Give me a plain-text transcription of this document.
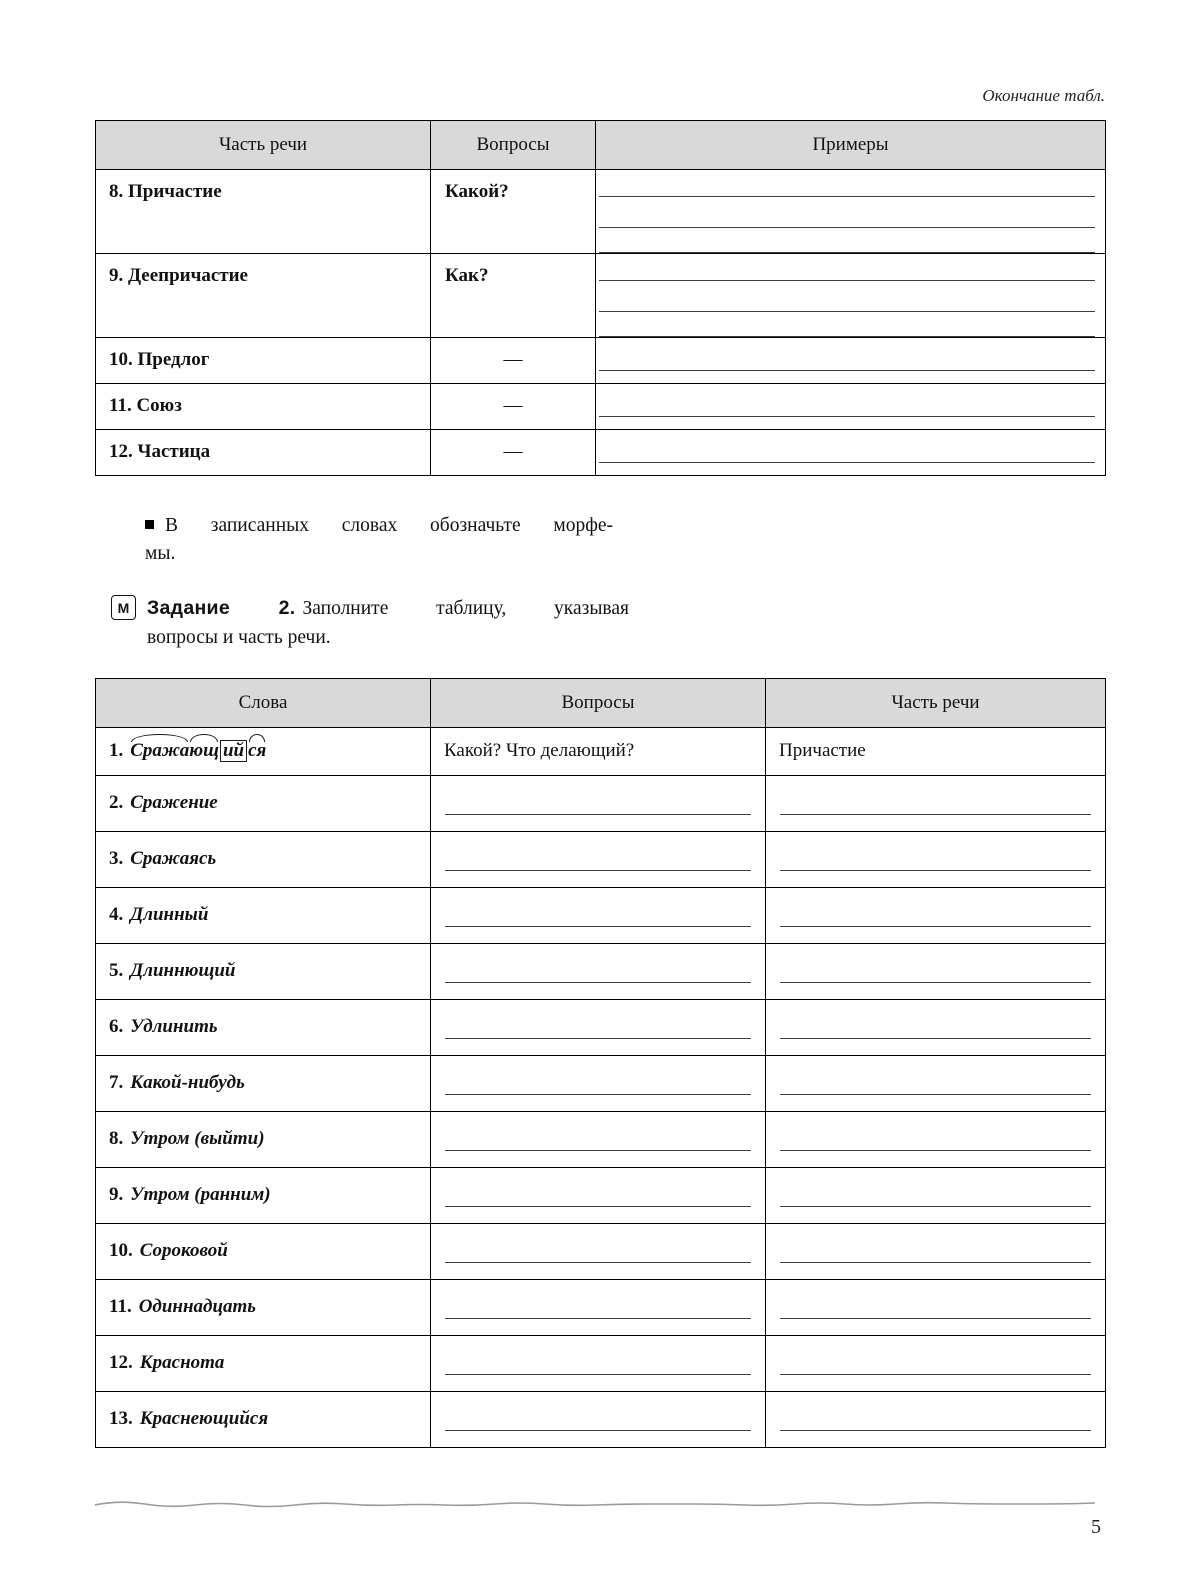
Окончание табл.
Часть речи	Вопросы	Примеры
8. Причастие	Какой?	

9. Деепричастие	Как?	

10. Предлог	—	

11. Союз	—	

12. Частица	—	
В записанных словах обозначьте морфе-
мы.
М Задание 2. Заполните таблицу, указывая
вопросы и часть речи.
Слова	Вопросы	Часть речи
1. Сражающ ий ся	Какой? Что делающий?	Причастие
2. Сражение	

3. Сражаясь	

4. Длинный	

5. Длиннющий	

6. Удлинить	

7. Какой-нибудь	

8. Утром (выйти)	

9. Утром (ранним)	

10. Сороковой	

11. Одиннадцать	

12. Краснота	

13. Краснеющийся	

5
